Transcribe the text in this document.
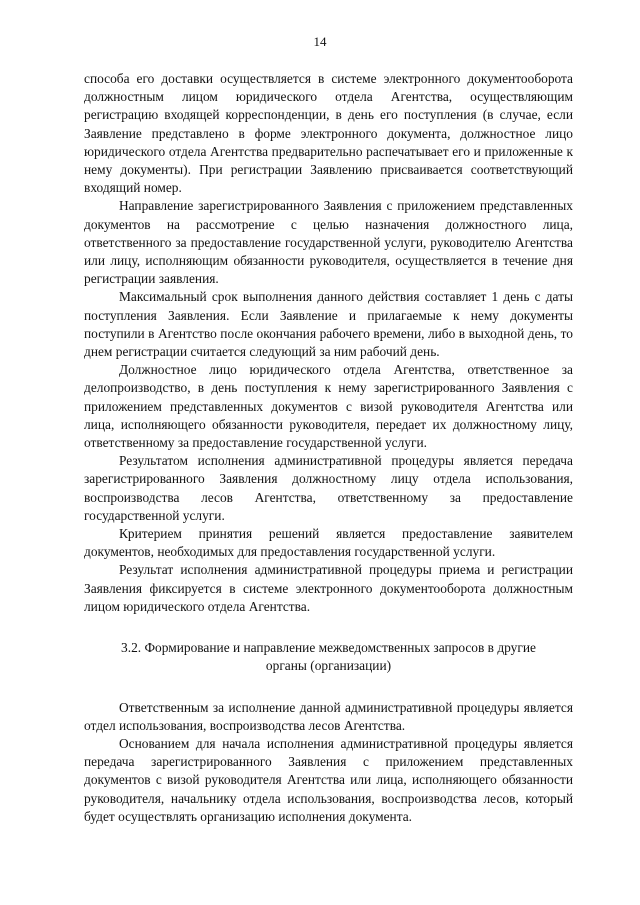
14

способа его доставки осуществляется в системе электронного документооборота должностным лицом юридического отдела Агентства, осуществляющим регистрацию входящей корреспонденции, в день его поступления (в случае, если Заявление представлено в форме электронного документа, должностное лицо юридического отдела Агентства предварительно распечатывает его и приложенные к нему документы). При регистрации Заявлению присваивается соответствующий входящий номер.

Направление зарегистрированного Заявления с приложением представленных документов на рассмотрение с целью назначения должностного лица, ответственного за предоставление государственной услуги, руководителю Агентства или лицу, исполняющим обязанности руководителя, осуществляется в течение дня регистрации заявления.

Максимальный срок выполнения данного действия составляет 1 день с даты поступления Заявления. Если Заявление и прилагаемые к нему документы поступили в Агентство после окончания рабочего времени, либо в выходной день, то днем регистрации считается следующий за ним рабочий день.

Должностное лицо юридического отдела Агентства, ответственное за делопроизводство, в день поступления к нему зарегистрированного Заявления с приложением представленных документов с визой руководителя Агентства или лица, исполняющего обязанности руководителя, передает их должностному лицу, ответственному за предоставление государственной услуги.

Результатом исполнения административной процедуры является передача зарегистрированного Заявления должностному лицу отдела использования, воспроизводства лесов Агентства, ответственному за предоставление государственной услуги.

Критерием принятия решений является предоставление заявителем документов, необходимых для предоставления государственной услуги.

Результат исполнения административной процедуры приема и регистрации Заявления фиксируется в системе электронного документооборота должностным лицом юридического отдела Агентства.

3.2. Формирование и направление межведомственных запросов в другие органы (организации)

Ответственным за исполнение данной административной процедуры является отдел использования, воспроизводства лесов Агентства.

Основанием для начала исполнения административной процедуры является передача зарегистрированного Заявления с приложением представленных документов с визой руководителя Агентства или лица, исполняющего обязанности руководителя, начальнику отдела использования, воспроизводства лесов, который будет осуществлять организацию исполнения документа.
